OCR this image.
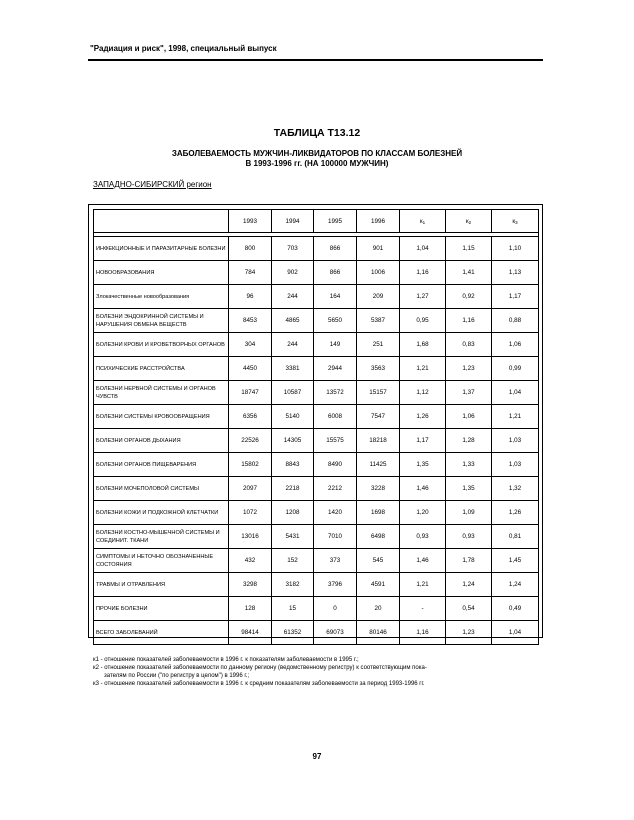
"Радиация и риск", 1998, специальный выпуск
ТАБЛИЦА T13.12
ЗАБОЛЕВАЕМОСТЬ МУЖЧИН-ЛИКВИДАТОРОВ ПО КЛАССАМ БОЛЕЗНЕЙ
В 1993-1996 гг. (НА 100000 МУЖЧИН)
ЗАПАДНО-СИБИРСКИЙ регион
	1993	1994	1995	1996	$к_1$	$к_2$	$к_3$

ИНФЕКЦИОННЫЕ И ПАРАЗИТАРНЫЕ БОЛЕЗНИ	800	703	866	901	1,04	1,15	1,10
НОВООБРАЗОВАНИЯ	784	902	866	1006	1,16	1,41	1,13
Злокачественные новообразования	96	244	164	209	1,27	0,92	1,17
БОЛЕЗНИ ЭНДОКРИННОЙ СИСТЕМЫ И НАРУШЕНИЯ ОБМЕНА ВЕЩЕСТВ	8453	4865	5650	5387	0,95	1,16	0,88
БОЛЕЗНИ КРОВИ И КРОВЕТВОРНЫХ ОРГАНОВ	304	244	149	251	1,68	0,83	1,06
ПСИХИЧЕСКИЕ РАССТРОЙСТВА	4450	3381	2944	3563	1,21	1,23	0,99
БОЛЕЗНИ НЕРВНОЙ СИСТЕМЫ И ОРГАНОВ ЧУВСТВ	18747	10587	13572	15157	1,12	1,37	1,04
БОЛЕЗНИ СИСТЕМЫ КРОВООБРАЩЕНИЯ	6356	5140	6008	7547	1,26	1,06	1,21
БОЛЕЗНИ ОРГАНОВ ДЫХАНИЯ	22526	14305	15575	18218	1,17	1,28	1,03
БОЛЕЗНИ ОРГАНОВ ПИЩЕВАРЕНИЯ	15802	8843	8490	11425	1,35	1,33	1,03
БОЛЕЗНИ МОЧЕПОЛОВОЙ СИСТЕМЫ	2097	2218	2212	3228	1,46	1,35	1,32
БОЛЕЗНИ КОЖИ И ПОДКОЖНОЙ КЛЕТЧАТКИ	1072	1208	1420	1698	1,20	1,09	1,26
БОЛЕЗНИ КОСТНО-МЫШЕЧНОЙ СИСТЕМЫ И СОЕДИНИТ. ТКАНИ	13016	5431	7010	6498	0,93	0,93	0,81
СИМПТОМЫ И НЕТОЧНО ОБОЗНАЧЕННЫЕ СОСТОЯНИЯ	432	152	373	545	1,46	1,78	1,45
ТРАВМЫ И ОТРАВЛЕНИЯ	3298	3182	3796	4591	1,21	1,24	1,24
ПРОЧИЕ БОЛЕЗНИ	128	15	0	20	-	0,54	0,49
ВСЕГО ЗАБОЛЕВАНИЙ	98414	61352	69073	80146	1,16	1,23	1,04

к1 - отношение показателей заболеваемости в 1996 г. к показателям заболеваемости в 1995 г.;

к2 - отношение показателей заболеваемости по данному региону (ведомственному регистру) к соответствующим пока-

зателям по России ("по регистру в целом") в 1996 г.;

к3 - отношение показателей заболеваемости в 1996 г. к средним показателям заболеваемости за период 1993-1996 гг.

97
